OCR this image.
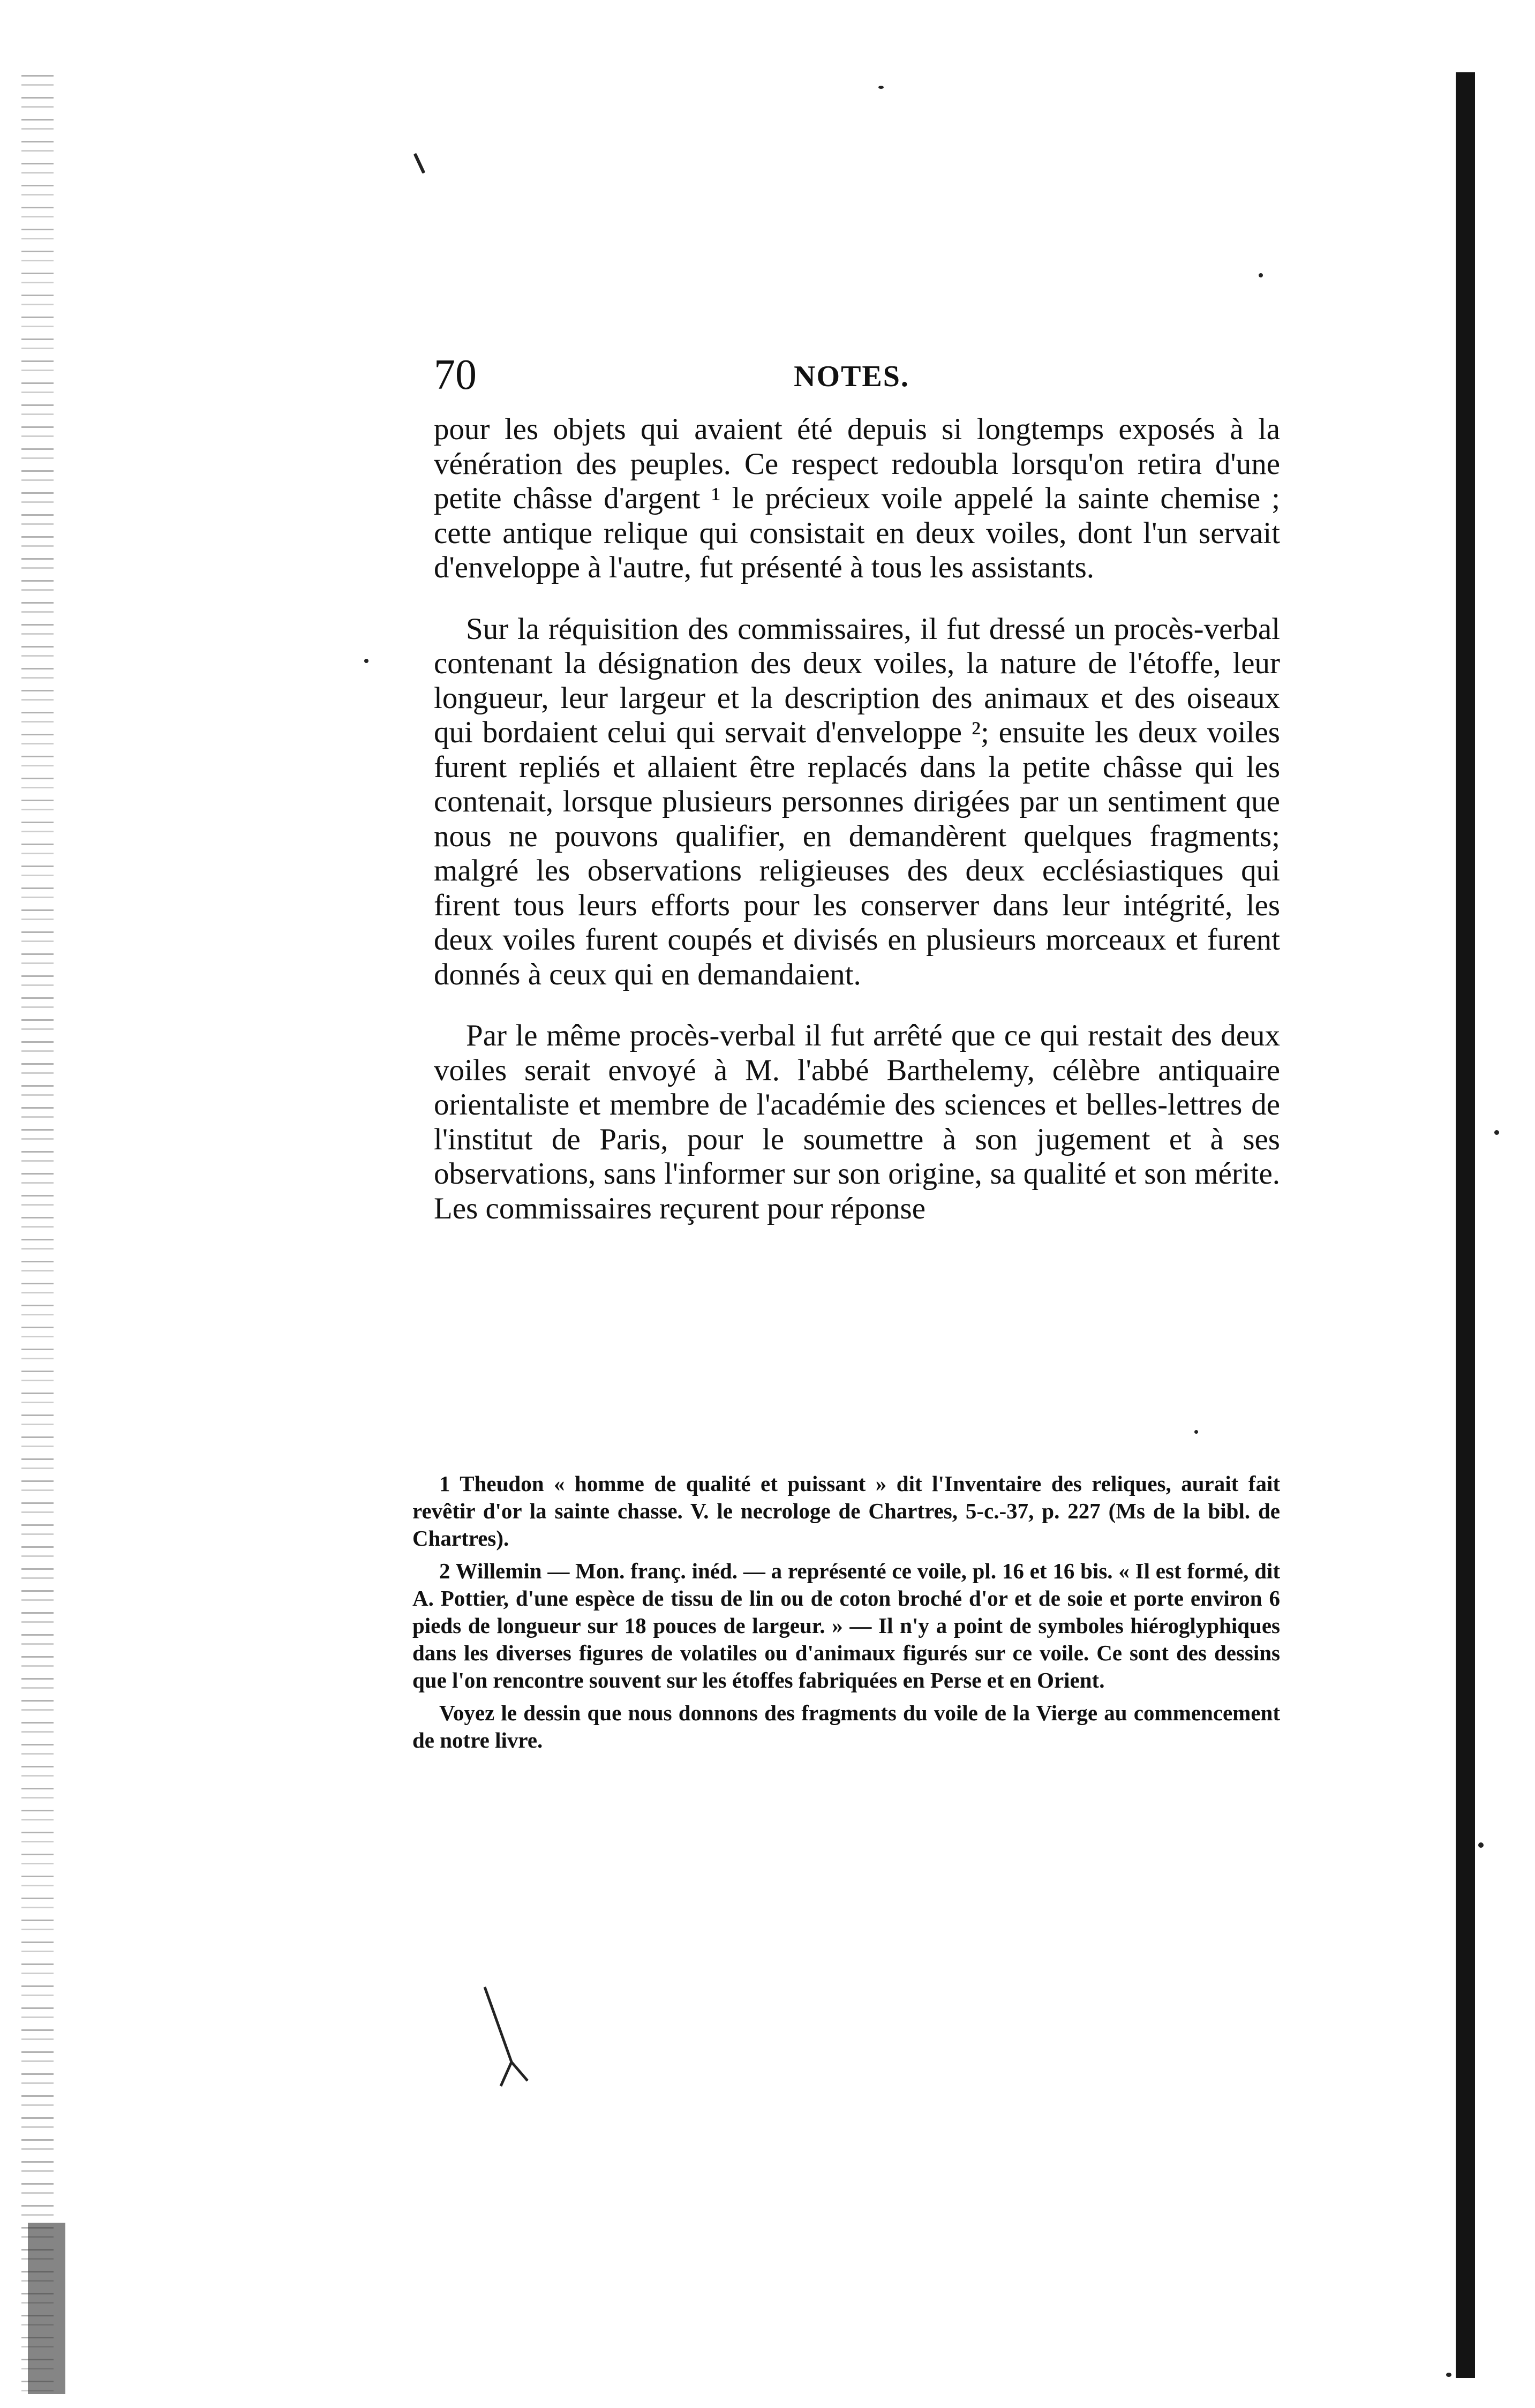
70	NOTES.

pour les objets qui avaient été depuis si longtemps exposés à la vénération des peuples. Ce respect redoubla lorsqu'on retira d'une petite châsse d'argent ¹ le précieux voile appelé la sainte chemise ; cette antique relique qui consistait en deux voiles, dont l'un servait d'enveloppe à l'autre, fut présenté à tous les assistants.

Sur la réquisition des commissaires, il fut dressé un procès-verbal contenant la désignation des deux voiles, la nature de l'étoffe, leur longueur, leur largeur et la description des animaux et des oiseaux qui bordaient celui qui servait d'enveloppe ²; ensuite les deux voiles furent repliés et allaient être replacés dans la petite châsse qui les contenait, lorsque plusieurs personnes dirigées par un sentiment que nous ne pouvons qualifier, en demandèrent quelques fragments; malgré les observations religieuses des deux ecclésiastiques qui firent tous leurs efforts pour les conserver dans leur intégrité, les deux voiles furent coupés et divisés en plusieurs morceaux et furent donnés à ceux qui en demandaient.

Par le même procès-verbal il fut arrêté que ce qui restait des deux voiles serait envoyé à M. l'abbé Barthelemy, célèbre antiquaire orientaliste et membre de l'académie des sciences et belles-lettres de l'institut de Paris, pour le soumettre à son jugement et à ses observations, sans l'informer sur son origine, sa qualité et son mérite. Les commissaires reçurent pour réponse

1 Theudon « homme de qualité et puissant » dit l'Inventaire des reliques, aurait fait revêtir d'or la sainte chasse. V. le necrologe de Chartres, 5-c.-37, p. 227 (Ms de la bibl. de Chartres).

2 Willemin — Mon. franç. inéd. — a représenté ce voile, pl. 16 et 16 bis. « Il est formé, dit A. Pottier, d'une espèce de tissu de lin ou de coton broché d'or et de soie et porte environ 6 pieds de longueur sur 18 pouces de largeur. » — Il n'y a point de symboles hiéroglyphiques dans les diverses figures de volatiles ou d'animaux figurés sur ce voile. Ce sont des dessins que l'on rencontre souvent sur les étoffes fabriquées en Perse et en Orient.

Voyez le dessin que nous donnons des fragments du voile de la Vierge au commencement de notre livre.
